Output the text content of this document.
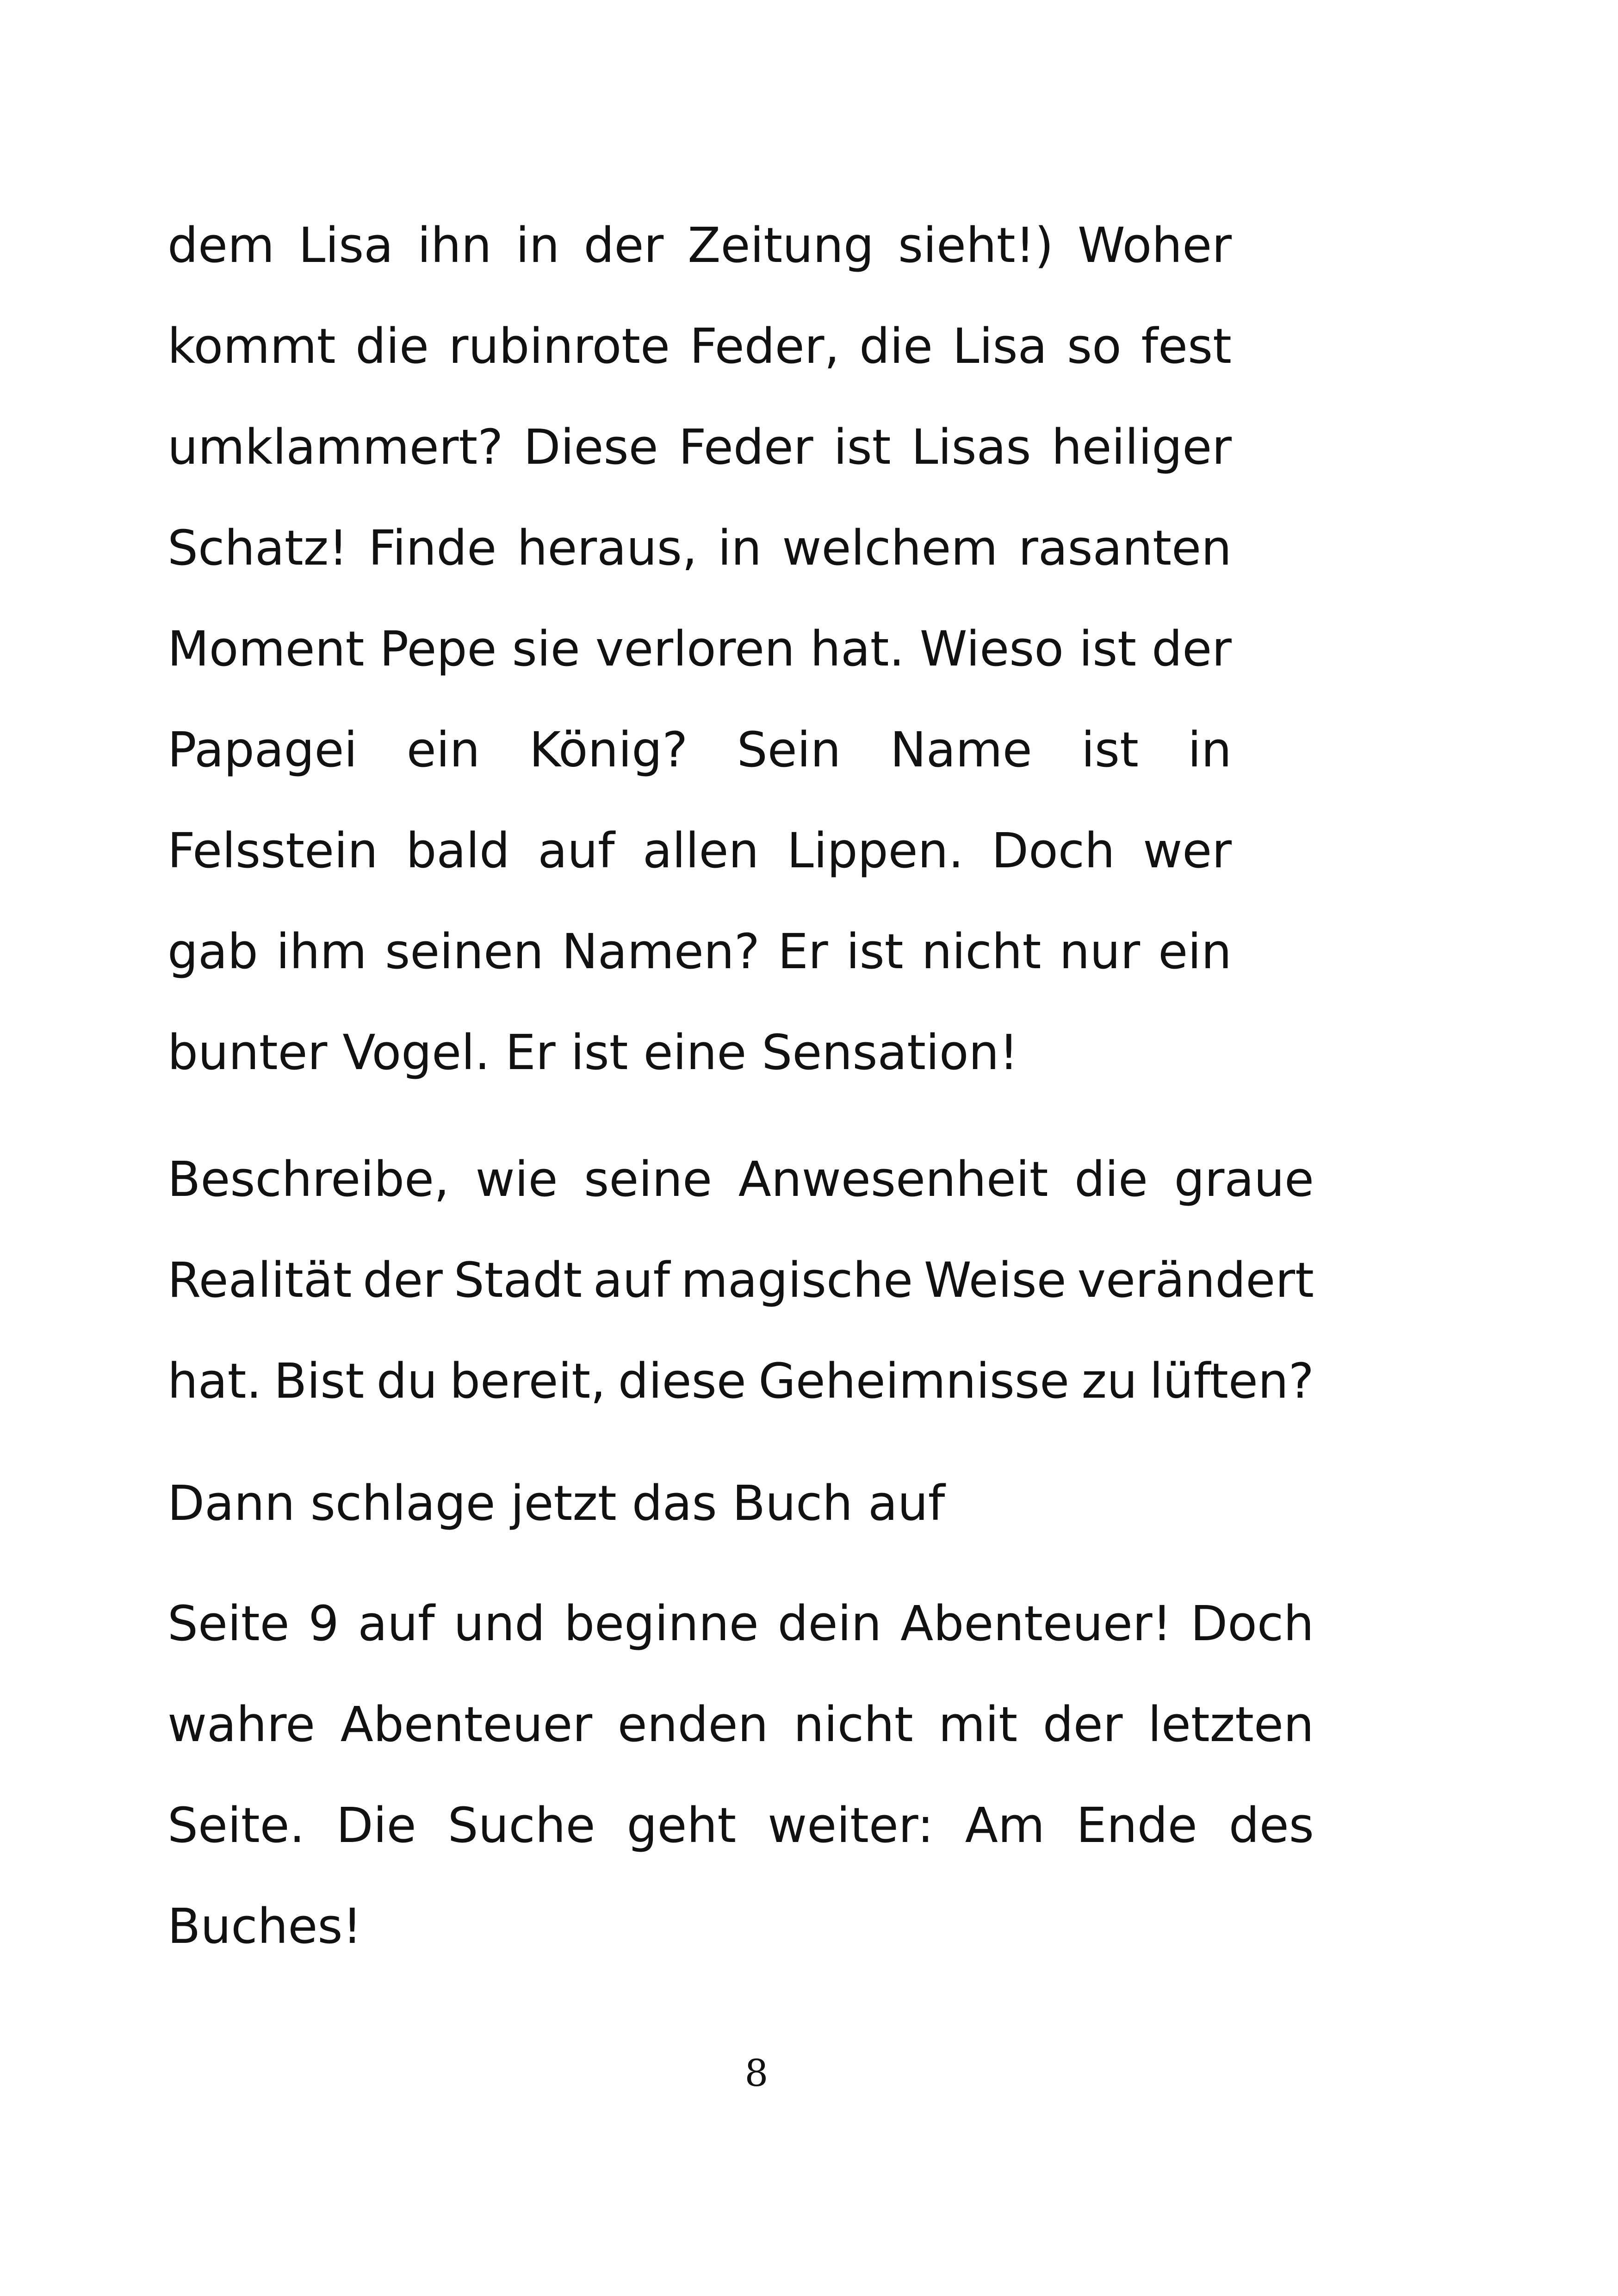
dem Lisa ihn in der Zeitung sieht!) Woher
kommt die rubinrote Feder, die Lisa so fest
umklammert? Diese Feder ist Lisas heiliger
Schatz! Finde heraus, in welchem rasanten
Moment Pepe sie verloren hat. Wieso ist der
Papagei ein König? Sein Name ist in
Felsstein bald auf allen Lippen. Doch wer
gab ihm seinen Namen? Er ist nicht nur ein
bunter Vogel. Er ist eine Sensation!
Beschreibe, wie seine Anwesenheit die graue
Realität der Stadt auf magische Weise verändert
hat. Bist du bereit, diese Geheimnisse zu lüften?
Dann schlage jetzt das Buch auf
Seite 9 auf und beginne dein Abenteuer! Doch
wahre Abenteuer enden nicht mit der letzten
Seite. Die Suche geht weiter: Am Ende des
Buches!
8
